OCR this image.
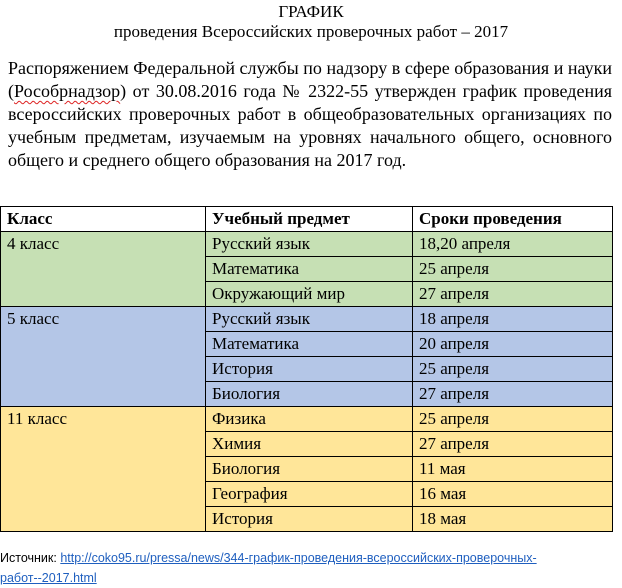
ГРАФИК
проведения Всероссийских проверочных работ – 2017
Распоряжением Федеральной службы по надзору в сфере образования и науки (Рособрнадзор) от 30.08.2016 года № 2322-55 утвержден график проведения всероссийских проверочных работ в общеобразовательных организациях по учебным предметам, изучаемым на уровнях начального общего, основного общего и среднего общего образования на 2017 год.
Класс	Учебный предмет	Сроки проведения
4 класс	Русский язык	18,20 апреля
	Математика	25 апреля
	Окружающий мир	27 апреля
5 класс	Русский язык	18 апреля
	Математика	20 апреля
	История	25 апреля
	Биология	27 апреля
11 класс	Физика	25 апреля
	Химия	27 апреля
	Биология	11 мая
	География	16 мая
	История	18 мая
Источник: http://coko95.ru/pressa/news/344-график-проведения-всероссийских-проверочных-
работ-‐2017.html
